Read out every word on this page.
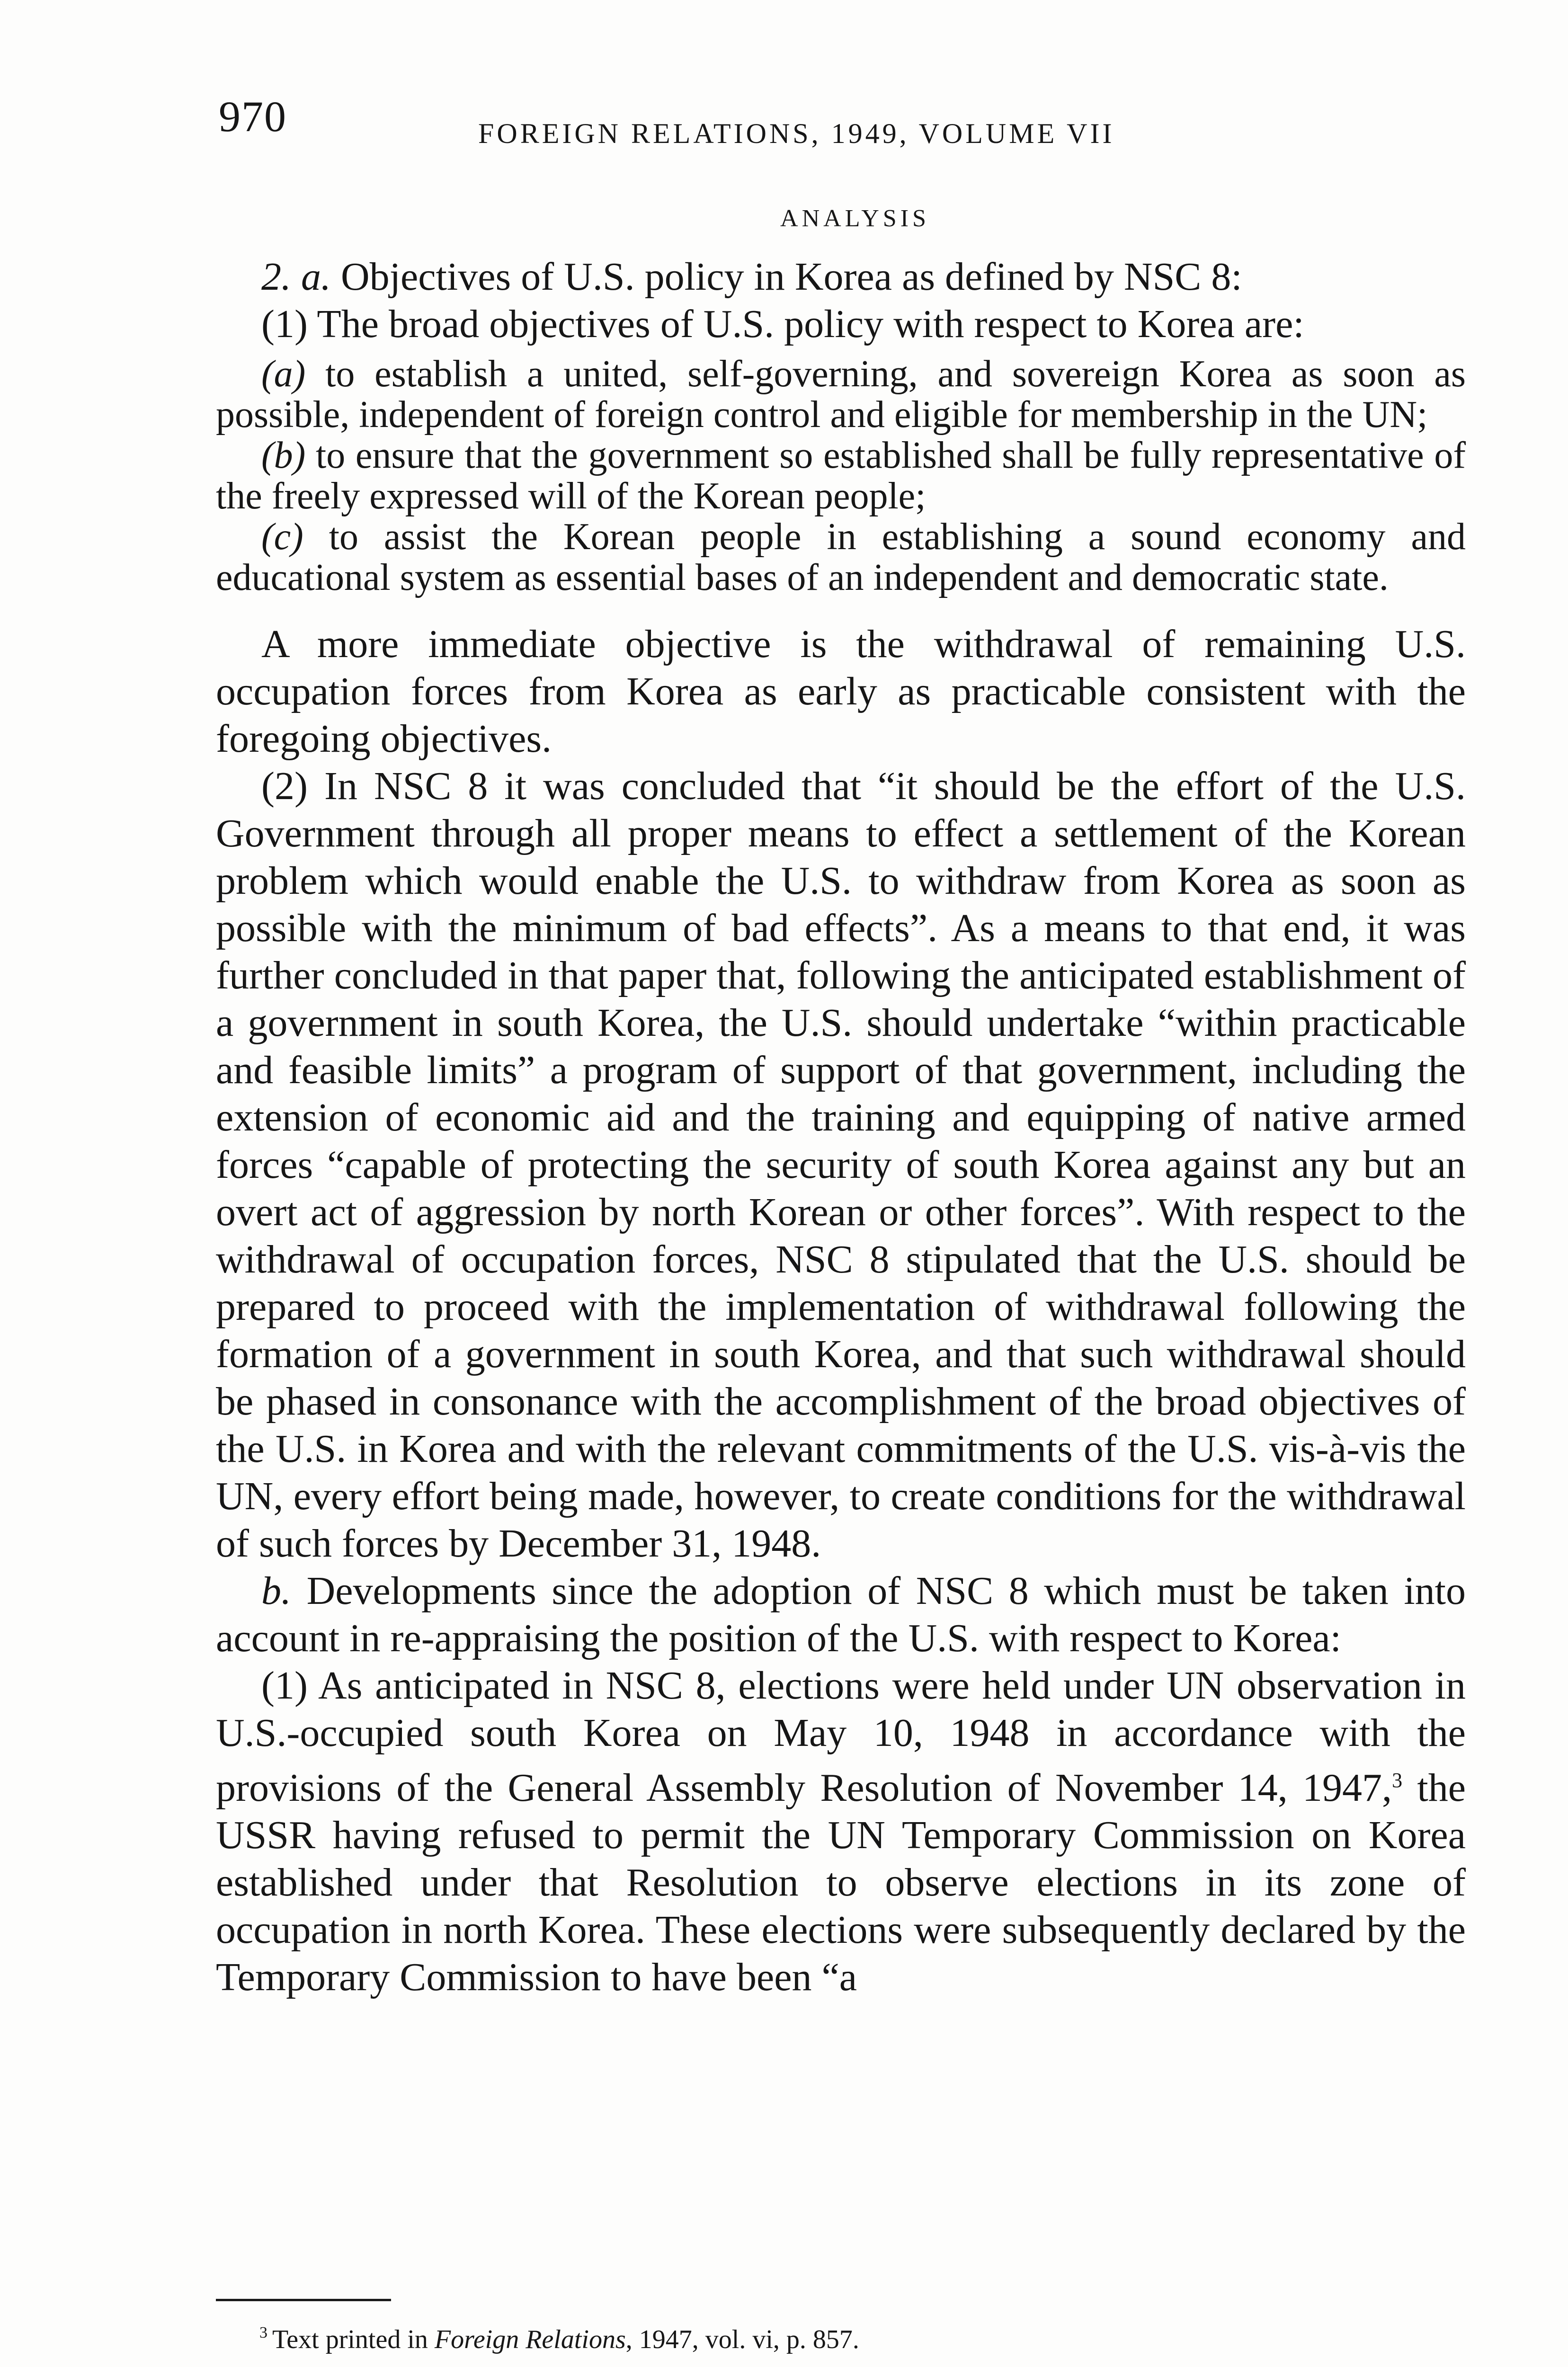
970	FOREIGN RELATIONS, 1949, VOLUME VII
ANALYSIS

2. a. Objectives of U.S. policy in Korea as defined by NSC 8:

(1) The broad objectives of U.S. policy with respect to Korea are:

(a) to establish a united, self-governing, and sovereign Korea as soon as possible, independent of foreign control and eligible for membership in the UN;

(b) to ensure that the government so established shall be fully representative of the freely expressed will of the Korean people;

(c) to assist the Korean people in establishing a sound economy and educational system as essential bases of an independent and democratic state.

A more immediate objective is the withdrawal of remaining U.S. occupation forces from Korea as early as practicable consistent with the foregoing objectives.

(2) In NSC 8 it was concluded that “it should be the effort of the U.S. Government through all proper means to effect a settlement of the Korean problem which would enable the U.S. to withdraw from Korea as soon as possible with the minimum of bad effects”. As a means to that end, it was further concluded in that paper that, following the anticipated establishment of a government in south Korea, the U.S. should undertake “within practicable and feasible limits” a program of support of that government, including the extension of economic aid and the training and equipping of native armed forces “capable of protecting the security of south Korea against any but an overt act of aggression by north Korean or other forces”. With respect to the withdrawal of occupation forces, NSC 8 stipulated that the U.S. should be prepared to proceed with the implementation of withdrawal following the formation of a government in south Korea, and that such withdrawal should be phased in consonance with the accomplishment of the broad objectives of the U.S. in Korea and with the relevant commitments of the U.S. vis-à-vis the UN, every effort being made, however, to create conditions for the withdrawal of such forces by December 31, 1948.

b. Developments since the adoption of NSC 8 which must be taken into account in re-appraising the position of the U.S. with respect to Korea:

(1) As anticipated in NSC 8, elections were held under UN observation in U.S.-occupied south Korea on May 10, 1948 in accordance with the provisions of the General Assembly Resolution of November 14, 1947,$^3$ the USSR having refused to permit the UN Temporary Commission on Korea established under that Resolution to observe elections in its zone of occupation in north Korea. These elections were subsequently declared by the Temporary Commission to have been “a

$^3$ Text printed in Foreign Relations, 1947, vol. vi, p. 857.
